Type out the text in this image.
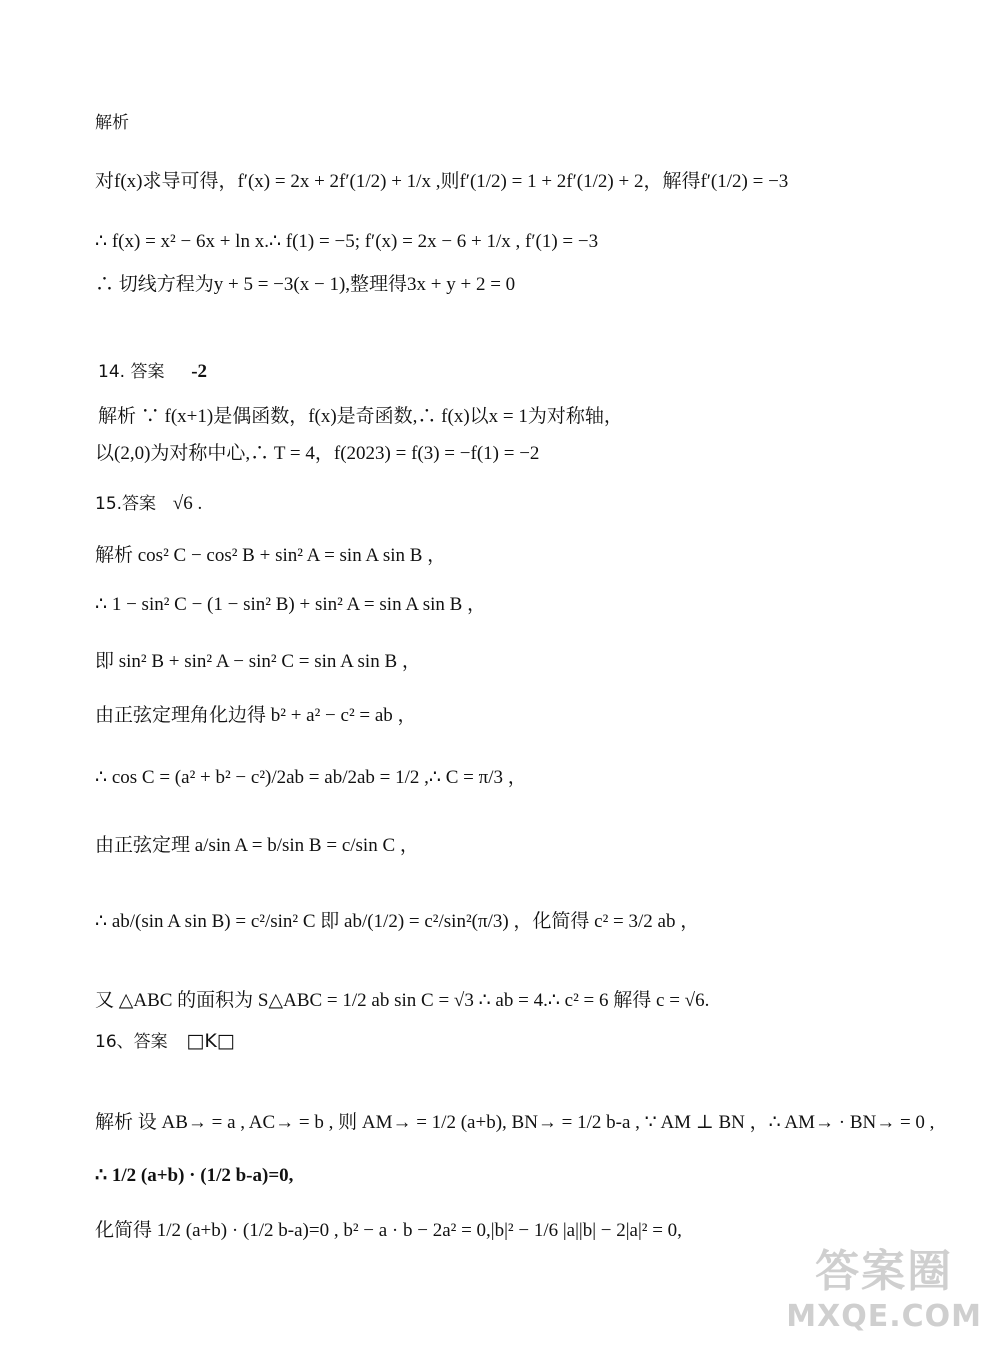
解析
对f(x)求导可得，f′(x) = 2x + 2f′(1/2) + 1/x ,则f′(1/2) = 1 + 2f′(1/2) + 2，解得f′(1/2) = −3
∴ f(x) = x² − 6x + ln x.∴ f(1) = −5; f′(x) = 2x − 6 + 1/x , f′(1) = −3
∴ 切线方程为y + 5 = −3(x − 1),整理得3x + y + 2 = 0
14. 答案 -2
解析 ∵ f(x+1)是偶函数，f(x)是奇函数,∴ f(x)以x = 1为对称轴，
以(2,0)为对称中心,∴ T = 4，f(2023) = f(3) = −f(1) = −2
15.答案 √6 .
解析 cos² C − cos² B + sin² A = sin A sin B ，
∴ 1 − sin² C − (1 − sin² B) + sin² A = sin A sin B ，
即 sin² B + sin² A − sin² C = sin A sin B ，
由正弦定理角化边得 b² + a² − c² = ab ，
∴ cos C = (a² + b² − c²)/2ab = ab/2ab = 1/2 ,∴ C = π/3 ，
由正弦定理 a/sin A = b/sin B = c/sin C ，
∴ ab/(sin A sin B) = c²/sin² C 即 ab/(1/2) = c²/sin²(π/3) ，化简得 c² = 3/2 ab ，
又 △ABC 的面积为 S△ABC = 1/2 ab sin C = √3 ∴ ab = 4.∴ c² = 6 解得 c = √6.
16、答案 □K□
解析 设 AB→ = a , AC→ = b , 则 AM→ = 1/2 (a+b), BN→ = 1/2 b-a , ∵ AM ⊥ BN ，∴ AM→ · BN→ = 0 ,
∴ 1/2 (a+b) · (1/2 b-a)=0,
化简得 1/2 (a+b) · (1/2 b-a)=0 , b² − a · b − 2a² = 0,|b|² − 1/6 |a||b| − 2|a|² = 0,
答案圈
MXQE.COM
